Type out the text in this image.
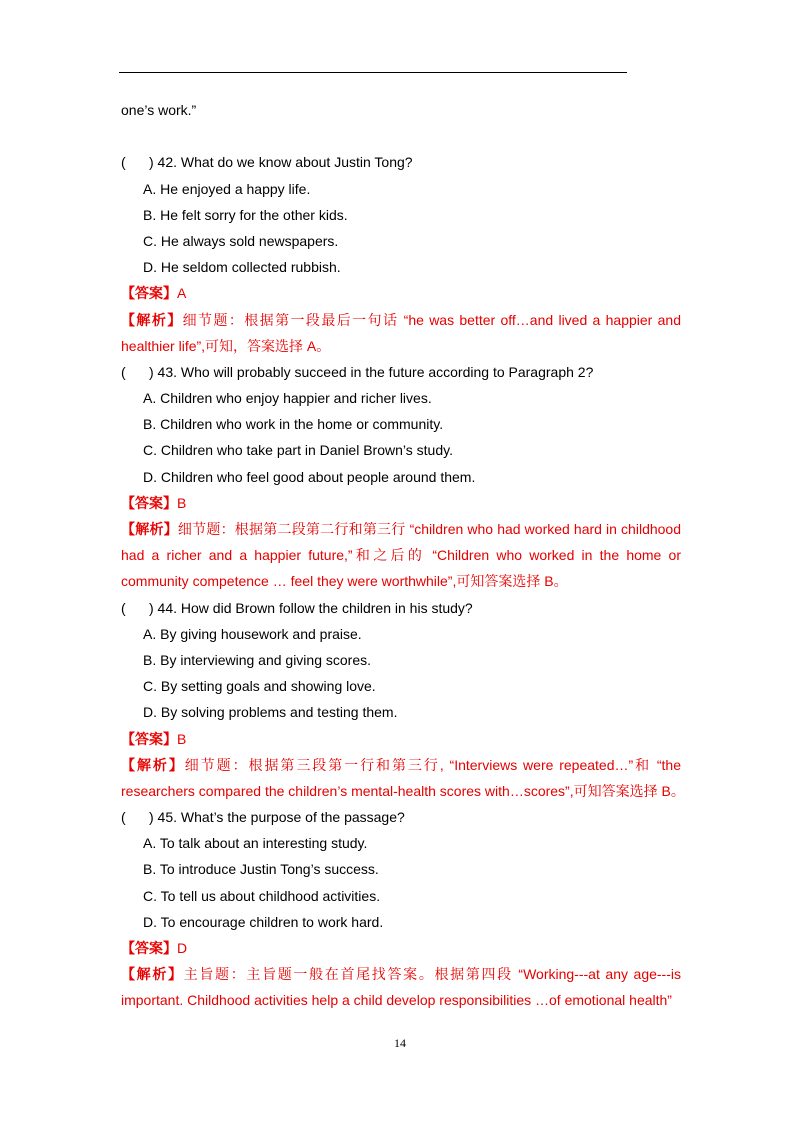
one’s work.”
(      ) 42. What do we know about Justin Tong?
A. He enjoyed a happy life.
B. He felt sorry for the other kids.
C. He always sold newspapers.
D. He seldom collected rubbish.
【答案】A
【解析】细节题：根据第一段最后一句话 “he was better off…and lived a happier and
healthier life”,可知，答案选择 A。
(      ) 43. Who will probably succeed in the future according to Paragraph 2?
A. Children who enjoy happier and richer lives.
B. Children who work in the home or community.
C. Children who take part in Daniel Brown’s study.
D. Children who feel good about people around them.
【答案】B
【解析】细节题：根据第二段第二行和第三行 “children who had worked hard in childhood
had a richer and a happier future,”和之后的 “Children who worked in the home or
community competence … feel they were worthwhile”,可知答案选择 B。
(      ) 44. How did Brown follow the children in his study?
A. By giving housework and praise.
B. By interviewing and giving scores.
C. By setting goals and showing love.
D. By solving problems and testing them.
【答案】B
【解析】细节题：根据第三段第一行和第三行, “Interviews were repeated…”和 “the
researchers compared the children’s mental-health scores with…scores”,可知答案选择 B。
(      ) 45. What’s the purpose of the passage?
A. To talk about an interesting study.
B. To introduce Justin Tong’s success.
C. To tell us about childhood activities.
D. To encourage children to work hard.
【答案】D
【解析】主旨题：主旨题一般在首尾找答案。根据第四段 “Working---at any age---is
important. Childhood activities help a child develop responsibilities …of emotional health”
14
